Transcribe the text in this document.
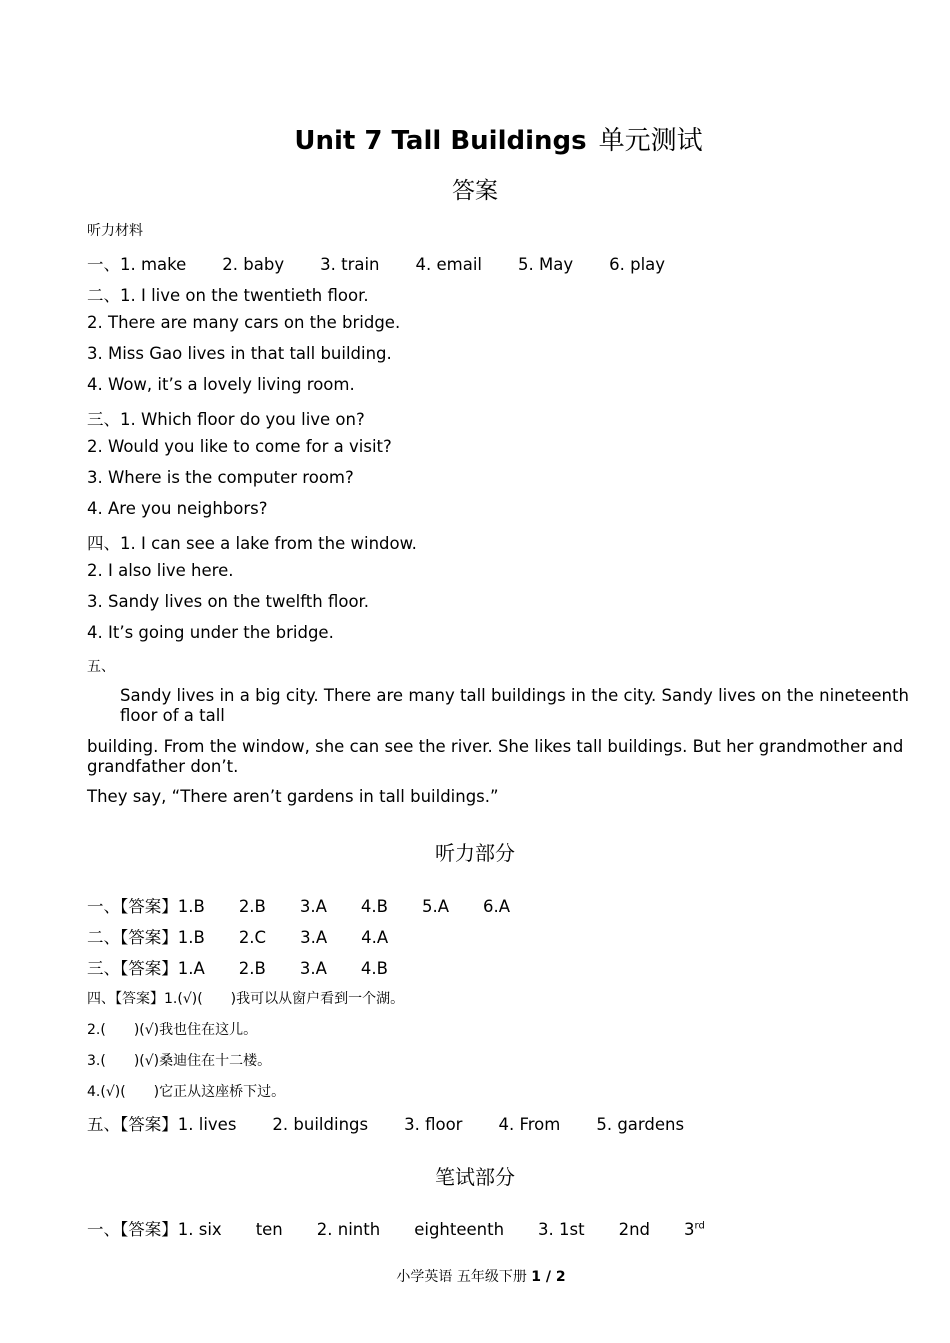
Unit 7 Tall Buildings 单元测试
答案
听力材料
一、1. make 2. baby 3. train 4. email 5. May 6. play
二、1. I live on the twentieth floor.
2. There are many cars on the bridge.
3. Miss Gao lives in that tall building.
4. Wow, it’s a lovely living room.
三、1. Which floor do you live on?
2. Would you like to come for a visit?
3. Where is the computer room?
4. Are you neighbors?
四、1. I can see a lake from the window.
2. I also live here.
3. Sandy lives on the twelfth floor.
4. It’s going under the bridge.
五、
Sandy lives in a big city. There are many tall buildings in the city. Sandy lives on the nineteenth floor of a tall
building. From the window, she can see the river. She likes tall buildings. But her grandmother and grandfather don’t.
They say, “There aren’t gardens in tall buildings.”
听力部分
一、【答案】1.B 2.B 3.A 4.B 5.A 6.A
二、【答案】1.B 2.C 3.A 4.A
三、【答案】1.A 2.B 3.A 4.B
四、【答案】1.(√)(　　)我可以从窗户看到一个湖。
2.(　　)(√)我也住在这儿。
3.(　　)(√)桑迪住在十二楼。
4.(√)(　　)它正从这座桥下过。
五、【答案】1. lives 2. buildings 3. floor 4. From 5. gardens
笔试部分
一、【答案】1. six ten 2. ninth eighteenth 3. 1st 2nd 3rd
小学英语 五年级下册 1 / 2
